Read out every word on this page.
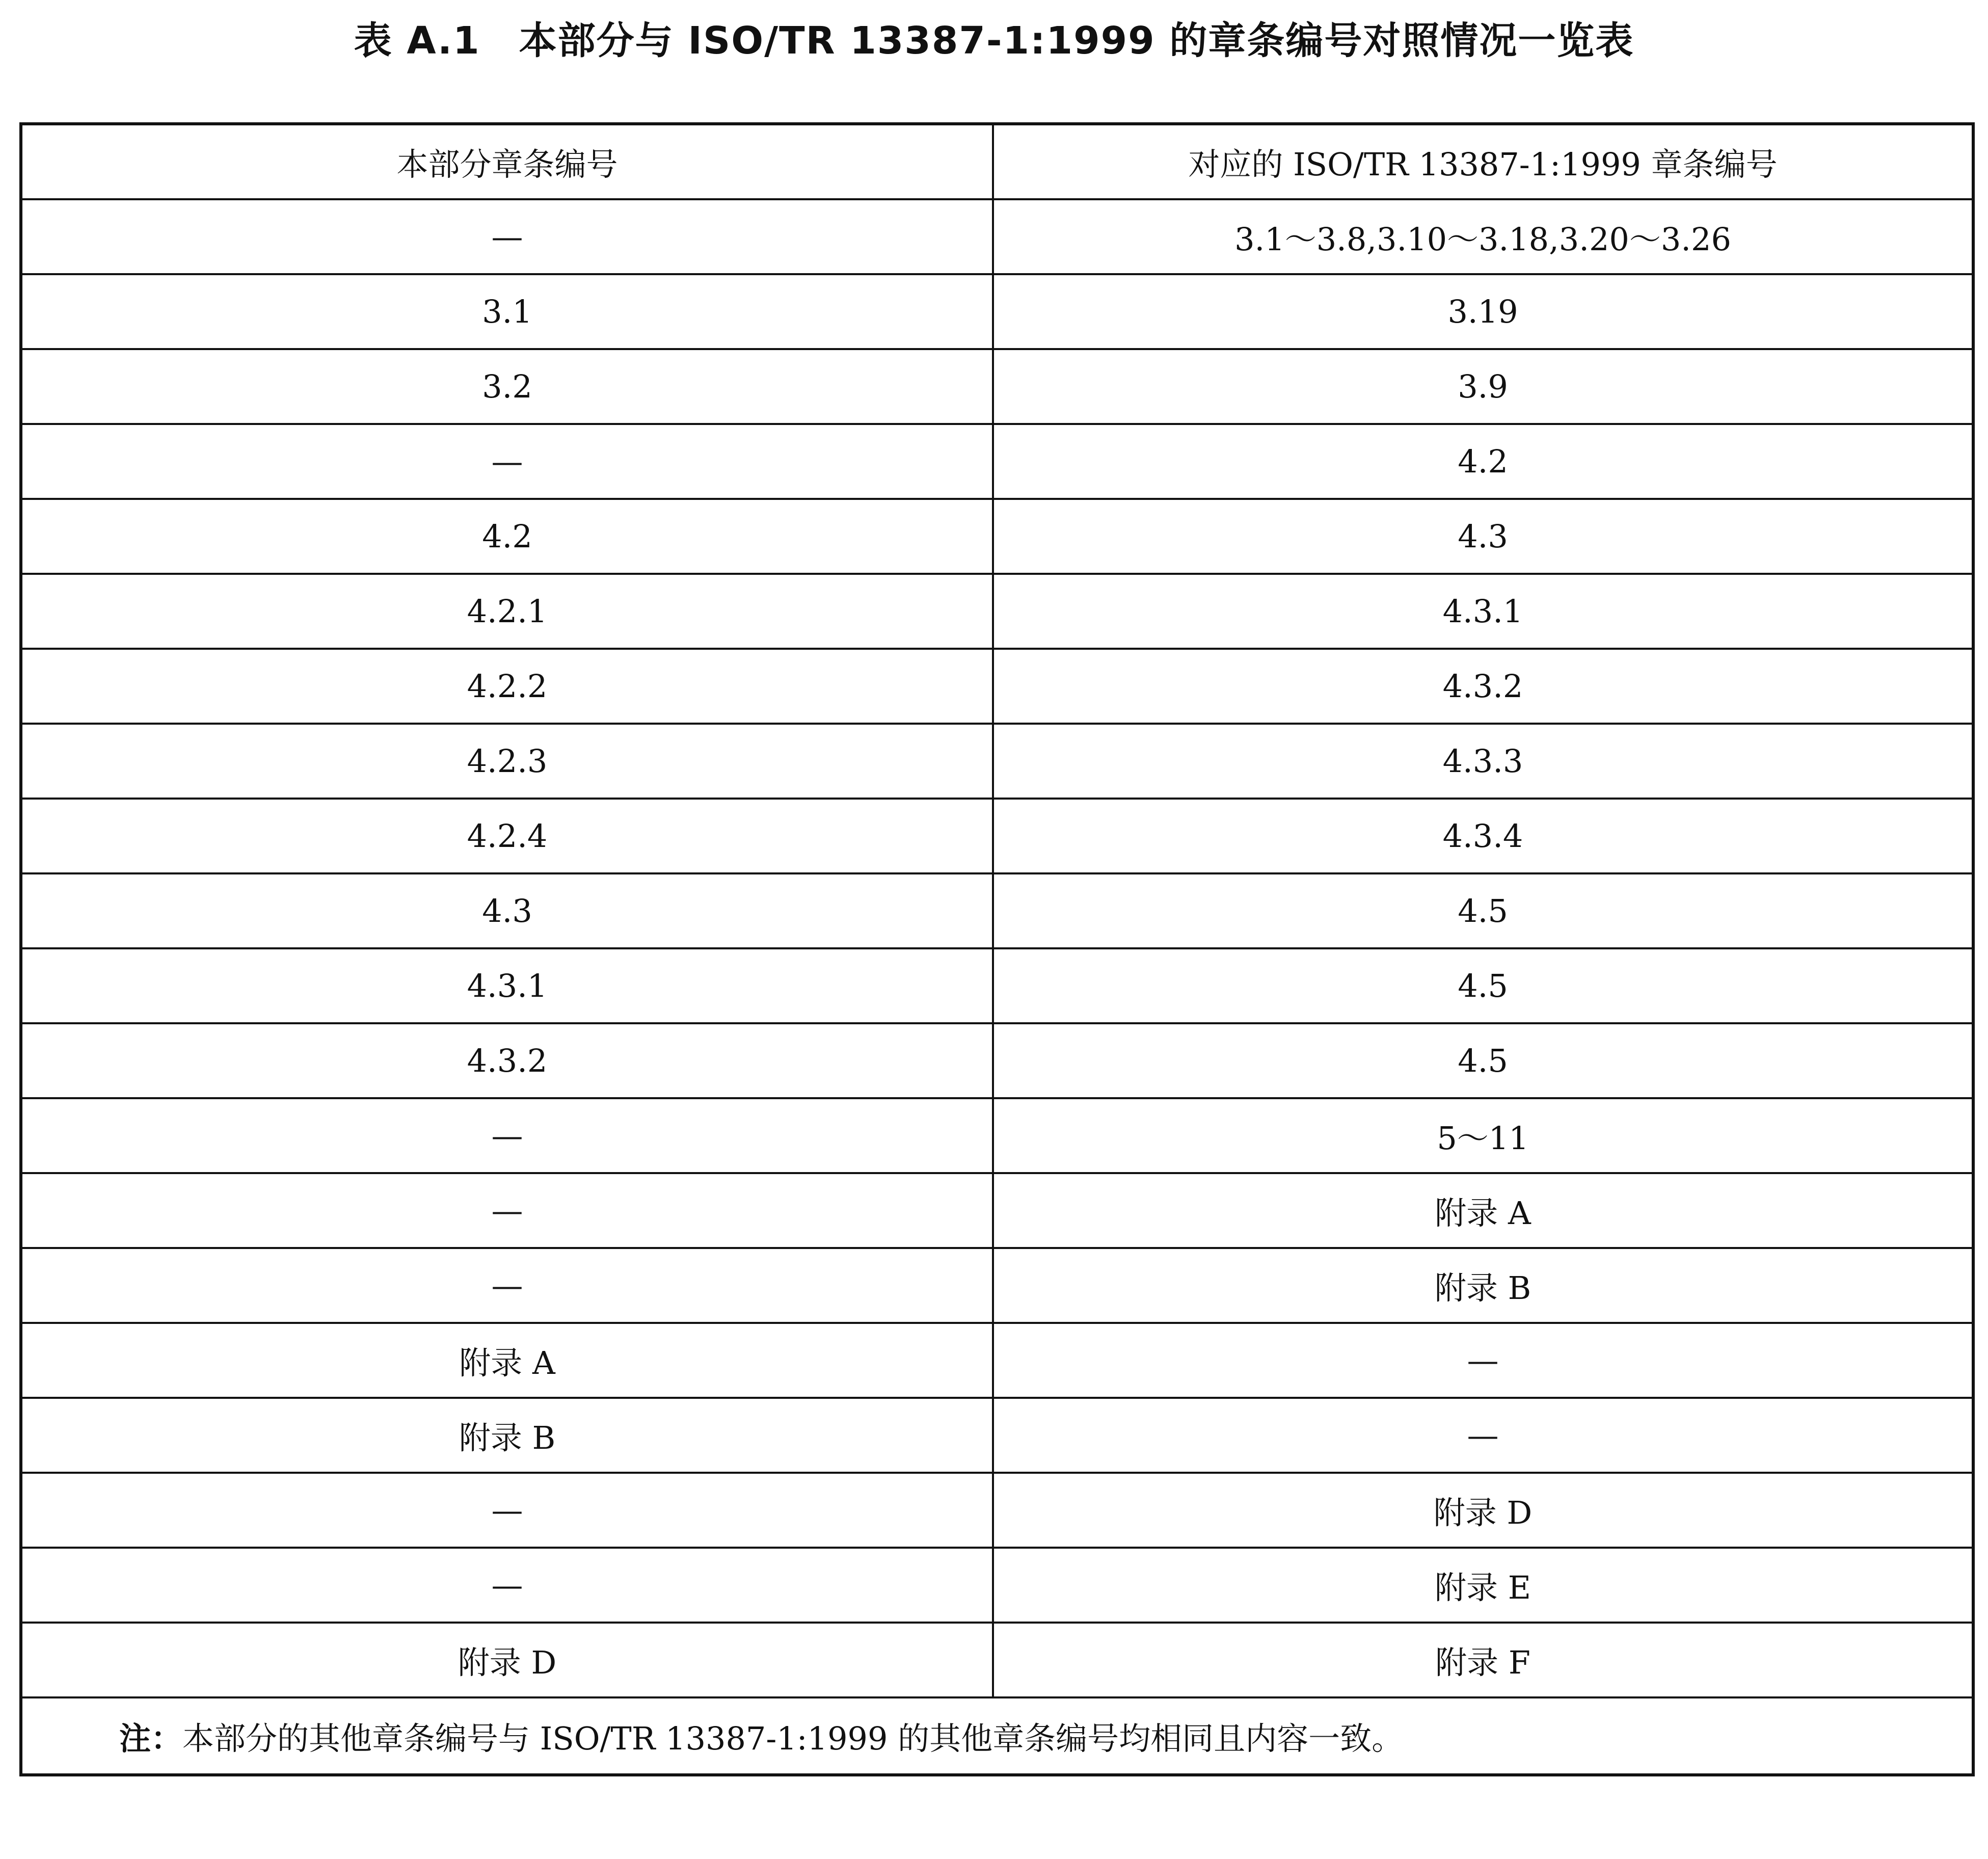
表 A.1　本部分与 ISO/TR 13387-1:1999 的章条编号对照情况一览表
本部分章条编号	对应的 ISO/TR 13387-1:1999 章条编号
—	3.1～3.8,3.10～3.18,3.20～3.26
3.1	3.19
3.2	3.9
—	4.2
4.2	4.3
4.2.1	4.3.1
4.2.2	4.3.2
4.2.3	4.3.3
4.2.4	4.3.4
4.3	4.5
4.3.1	4.5
4.3.2	4.5
—	5～11
—	附录 A
—	附录 B
附录 A	—
附录 B	—
—	附录 D
—	附录 E
附录 D	附录 F
注：本部分的其他章条编号与 ISO/TR 13387-1:1999 的其他章条编号均相同且内容一致。	
